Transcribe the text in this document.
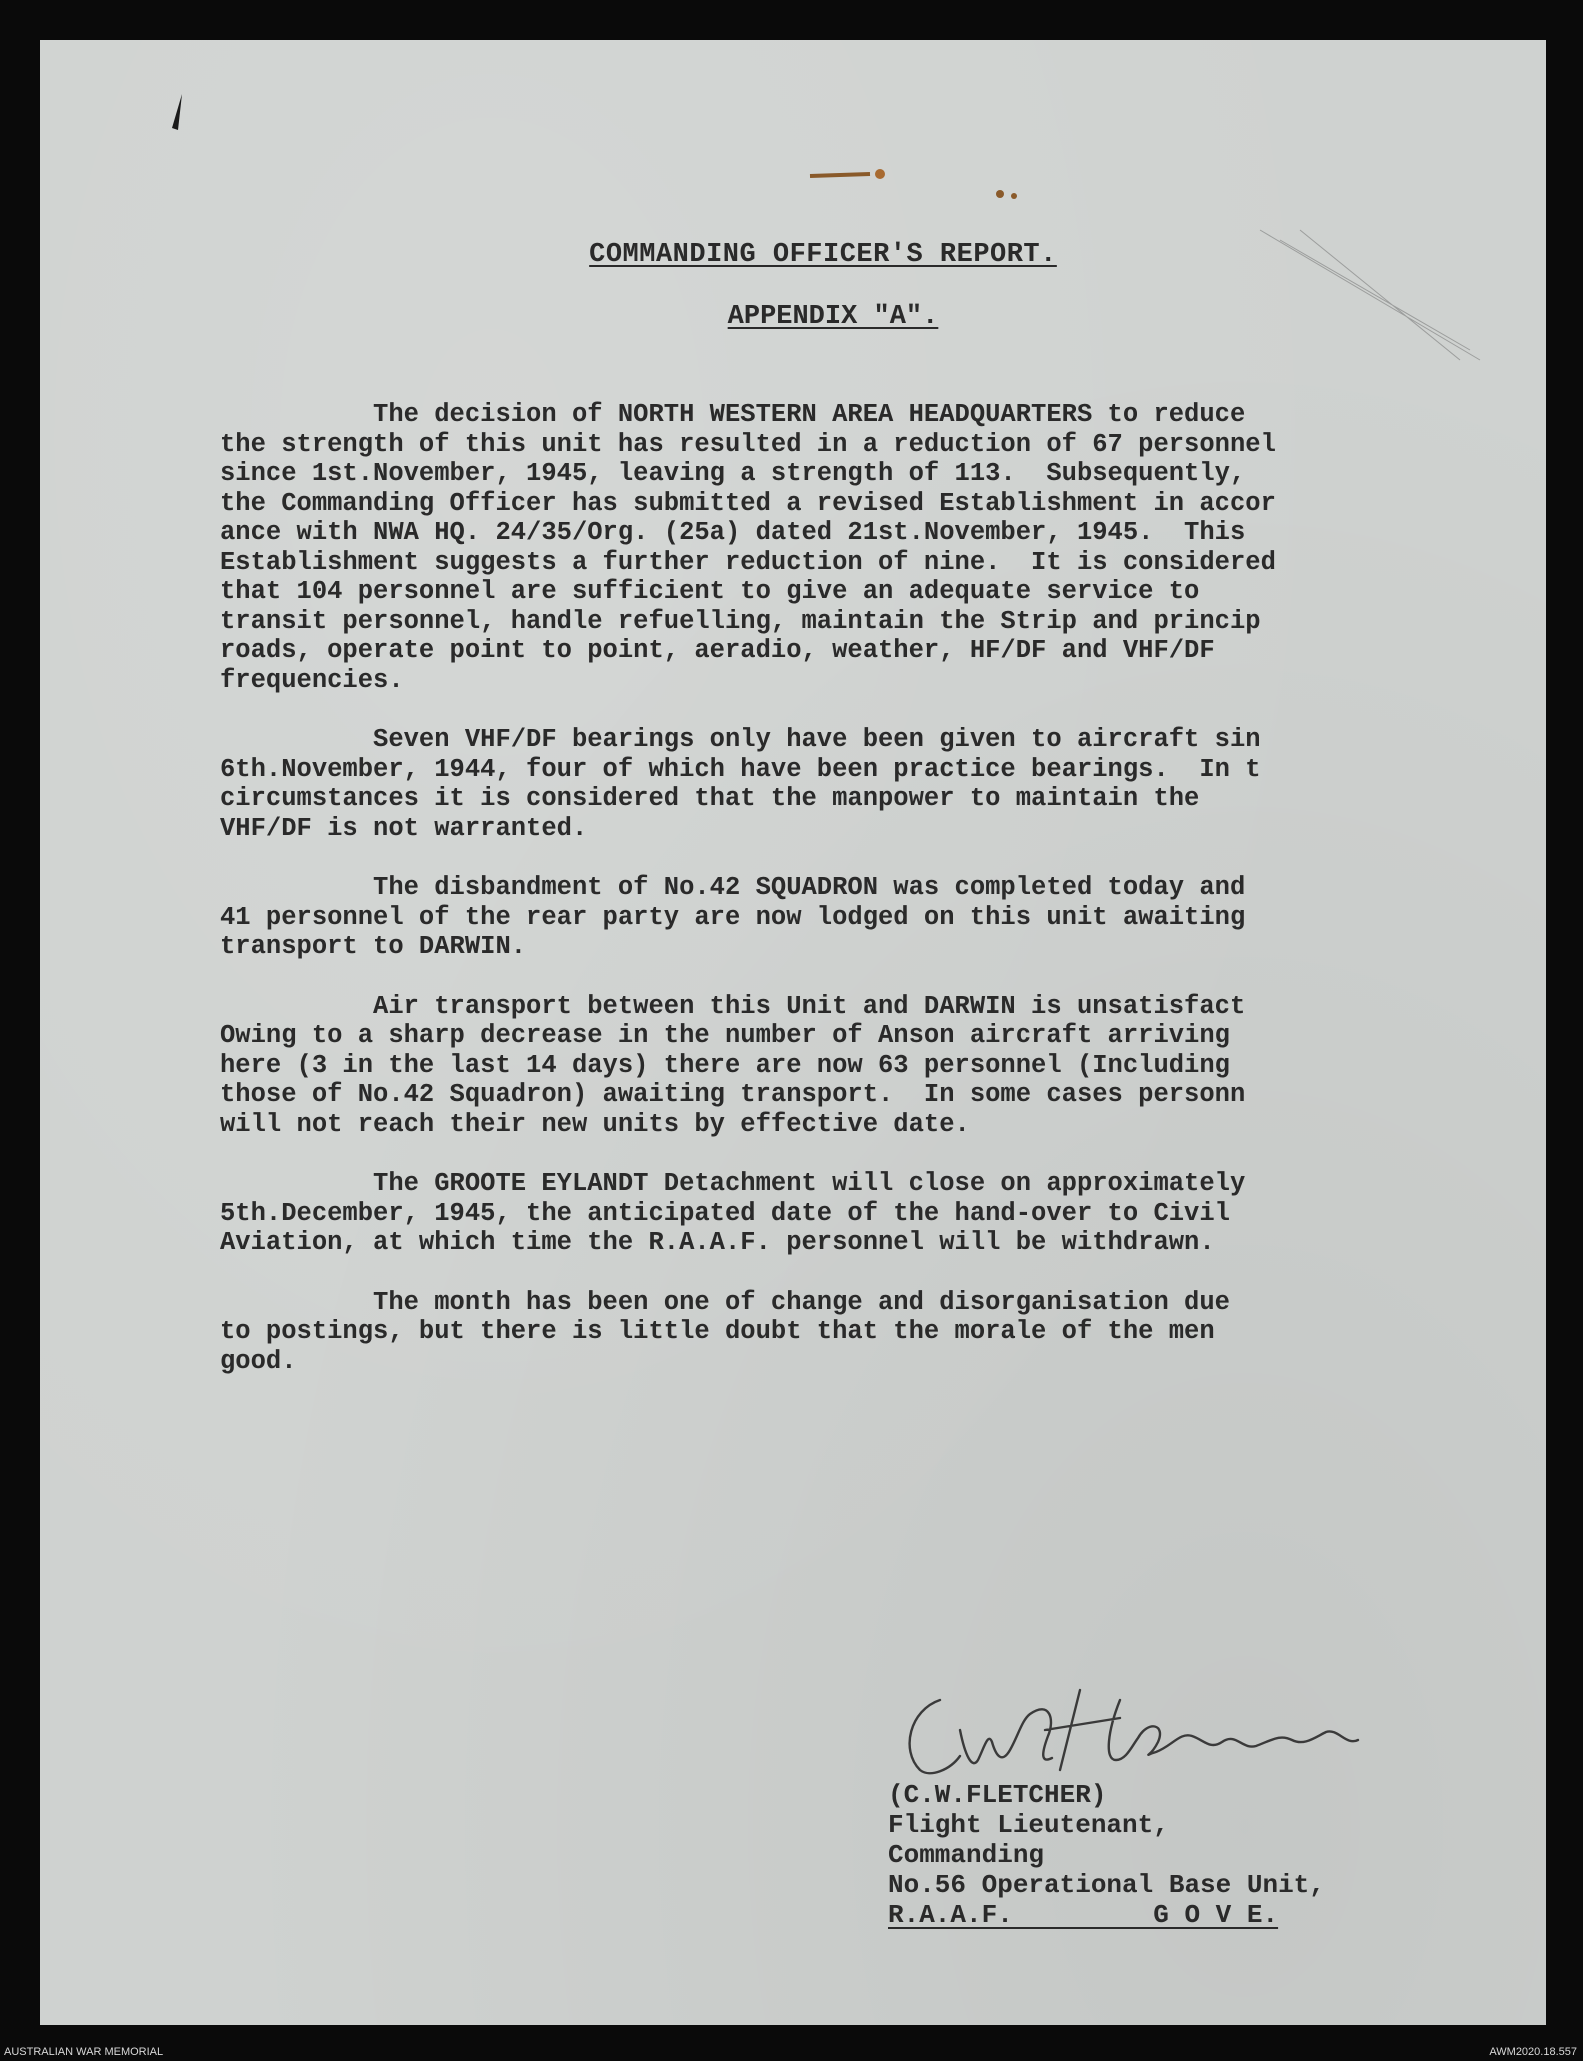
COMMANDING OFFICER'S REPORT.
APPENDIX "A".
The decision of NORTH WESTERN AREA HEADQUARTERS to reduce
the strength of this unit has resulted in a reduction of 67 personnel
since 1st.November, 1945, leaving a strength of 113.  Subsequently,
the Commanding Officer has submitted a revised Establishment in accor
ance with NWA HQ. 24/35/Org. (25a) dated 21st.November, 1945.  This
Establishment suggests a further reduction of nine.  It is considered
that 104 personnel are sufficient to give an adequate service to
transit personnel, handle refuelling, maintain the Strip and princip
roads, operate point to point, aeradio, weather, HF/DF and VHF/DF
frequencies.
Seven VHF/DF bearings only have been given to aircraft sin
6th.November, 1944, four of which have been practice bearings.  In t
circumstances it is considered that the manpower to maintain the
VHF/DF is not warranted.
The disbandment of No.42 SQUADRON was completed today and
41 personnel of the rear party are now lodged on this unit awaiting
transport to DARWIN.
Air transport between this Unit and DARWIN is unsatisfact
Owing to a sharp decrease in the number of Anson aircraft arriving
here (3 in the last 14 days) there are now 63 personnel (Including
those of No.42 Squadron) awaiting transport.  In some cases personn
will not reach their new units by effective date.
The GROOTE EYLANDT Detachment will close on approximately
5th.December, 1945, the anticipated date of the hand-over to Civil
Aviation, at which time the R.A.A.F. personnel will be withdrawn.
The month has been one of change and disorganisation due
to postings, but there is little doubt that the morale of the men
good.
(C.W.FLETCHER)
Flight Lieutenant,
Commanding
No.56 Operational Base Unit,
R.A.A.F.         G O V E.
AUSTRALIAN WAR MEMORIAL	AWM2020.18.557
